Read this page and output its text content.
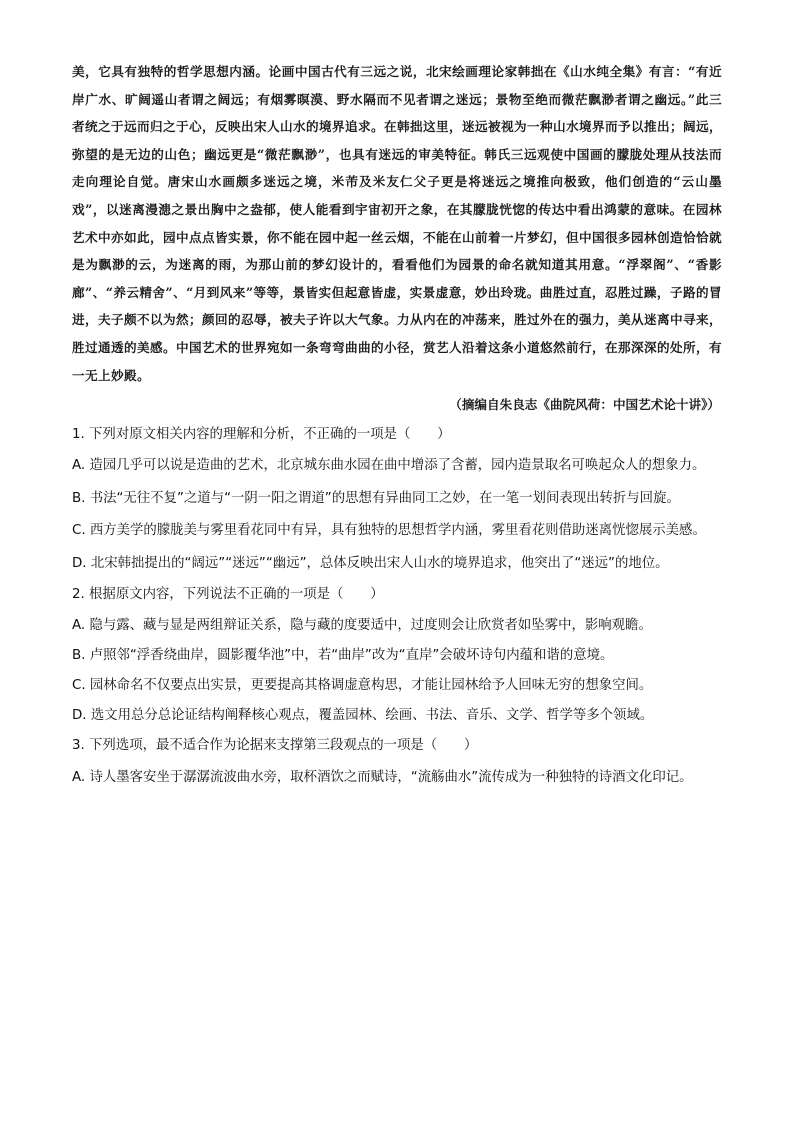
美，它具有独特的哲学思想内涵。论画中国古代有三远之说，北宋绘画理论家韩拙在《山水纯全集》有言：“有近岸广水、旷阔遥山者谓之阔远；有烟雾暝漠、野水隔而不见者谓之迷远；景物至绝而微茫飘渺者谓之幽远。”此三者统之于远而归之于心，反映出宋人山水的境界追求。在韩拙这里，迷远被视为一种山水境界而予以推出；阔远，弥望的是无边的山色；幽远更是“微茫飘渺”，也具有迷远的审美特征。韩氏三远观使中国画的朦胧处理从技法而走向理论自觉。唐宋山水画颇多迷远之境，米芾及米友仁父子更是将迷远之境推向极致，他们创造的“云山墨戏”，以迷离漫漶之景出胸中之盎郁，使人能看到宇宙初开之象，在其朦胧恍惚的传达中看出鸿蒙的意味。在园林艺术中亦如此，园中点点皆实景，你不能在园中起一丝云烟，不能在山前着一片梦幻，但中国很多园林创造恰恰就是为飘渺的云，为迷离的雨，为那山前的梦幻设计的，看看他们为园景的命名就知道其用意。“浮翠阁”、“香影廊”、“养云精舍”、“月到风来”等等，景皆实但起意皆虚，实景虚意，妙出玲珑。曲胜过直，忍胜过躁，子路的冒进，夫子颇不以为然；颜回的忍辱，被夫子许以大气象。力从内在的冲荡来，胜过外在的强力，美从迷离中寻来，胜过通透的美感。中国艺术的世界宛如一条弯弯曲曲的小径，赏艺人沿着这条小道悠然前行，在那深深的处所，有一无上妙殿。

（摘编自朱良志《曲院风荷：中国艺术论十讲》）

1. 下列对原文相关内容的理解和分析，不正确的一项是（　　）

A. 造园几乎可以说是造曲的艺术，北京城东曲水园在曲中增添了含蓄，园内造景取名可唤起众人的想象力。

B. 书法“无往不复”之道与“一阴一阳之谓道”的思想有异曲同工之妙，在一笔一划间表现出转折与回旋。

C. 西方美学的朦胧美与雾里看花同中有异，具有独特的思想哲学内涵，雾里看花则借助迷离恍惚展示美感。

D. 北宋韩拙提出的“阔远”“迷远”“幽远”，总体反映出宋人山水的境界追求，他突出了“迷远”的地位。

2. 根据原文内容，下列说法不正确的一项是（　　）

A. 隐与露、藏与显是两组辩证关系，隐与藏的度要适中，过度则会让欣赏者如坠雾中，影响观瞻。

B. 卢照邻“浮香绕曲岸，圆影覆华池”中，若“曲岸”改为“直岸”会破坏诗句内蕴和谐的意境。

C. 园林命名不仅要点出实景，更要提高其格调虚意构思，才能让园林给予人回味无穷的想象空间。

D. 选文用总分总论证结构阐释核心观点，覆盖园林、绘画、书法、音乐、文学、哲学等多个领域。

3. 下列选项，最不适合作为论据来支撑第三段观点的一项是（　　）

A. 诗人墨客安坐于潺潺流波曲水旁，取杯酒饮之而赋诗，“流觞曲水”流传成为一种独特的诗酒文化印记。
